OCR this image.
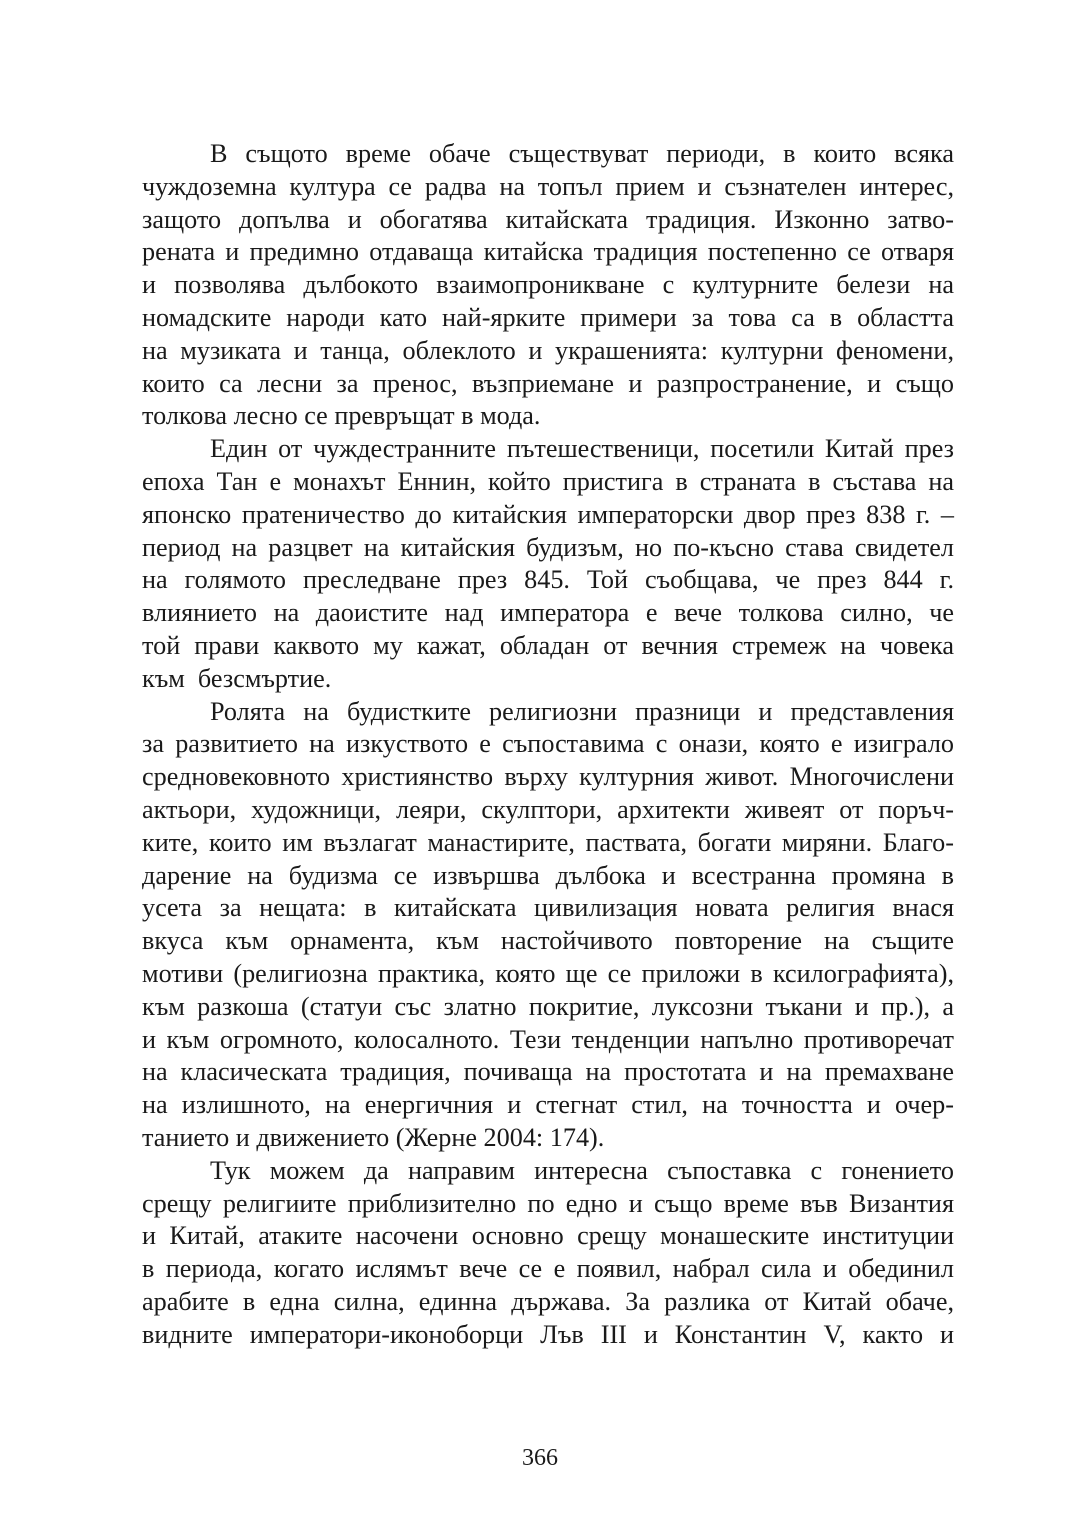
В същото време обаче съществуват периоди, в които всяка
чуждоземна култура се радва на топъл прием и съзнателен интерес,
защото допълва и обогатява китайската традиция. Изконно затво-
рената и предимно отдаваща китайска традиция постепенно се отваря
и позволява дълбокото взаимопроникване с културните белези на
номадските народи като най-ярките примери за това са в областта
на музиката и танца, облеклото и украшенията: културни феномени,
които са лесни за пренос, възприемане и разпространение, и също
толкова лесно се превръщат в мода.
Един от чуждестранните пътешественици, посетили Китай през
епоха Тан е монахът Еннин, който пристига в страната в състава на
японско пратеничество до китайския императорски двор през 838 г. –
период на разцвет на китайския будизъм, но по-късно става свидетел
на голямото преследване през 845. Той съобщава, че през 844 г.
влиянието на даоистите над императора е вече толкова силно, че
той прави каквото му кажат, обладан от вечния стремеж на човека
към  безсмъртие.
Ролята на будистките религиозни празници и представления
за развитието на изкуството е съпоставима с онази, която е изиграло
средновековното християнство върху културния живот. Многочислени
актьори, художници, леяри, скулптори, архитекти живеят от поръч-
ките, които им възлагат манастирите, паствата, богати миряни. Благо-
дарение на будизма се извършва дълбока и всестранна промяна в
усета за нещата: в китайската цивилизация новата религия внася
вкуса към орнамента, към настойчивото повторение на същите
мотиви (религиозна практика, която ще се приложи в ксилографията),
към разкоша (статуи със златно покритие, луксозни тъкани и пр.), а
и към огромното, колосалното. Тези тенденции напълно противоречат
на класическата традиция, почиваща на простотата и на премахване
на излишното, на енергичния и стегнат стил, на точността и очер-
танието и движението (Жерне 2004: 174).
Тук можем да направим интересна съпоставка с гонението
срещу религиите приблизително по едно и също време във Византия
и Китай, атаките насочени основно срещу монашеските институции
в периода, когато ислямът вече се е появил, набрал сила и обединил
арабите в една силна, единна държава. За разлика от Китай обаче,
видните императори-иконоборци Лъв III и Константин V, както и
366
